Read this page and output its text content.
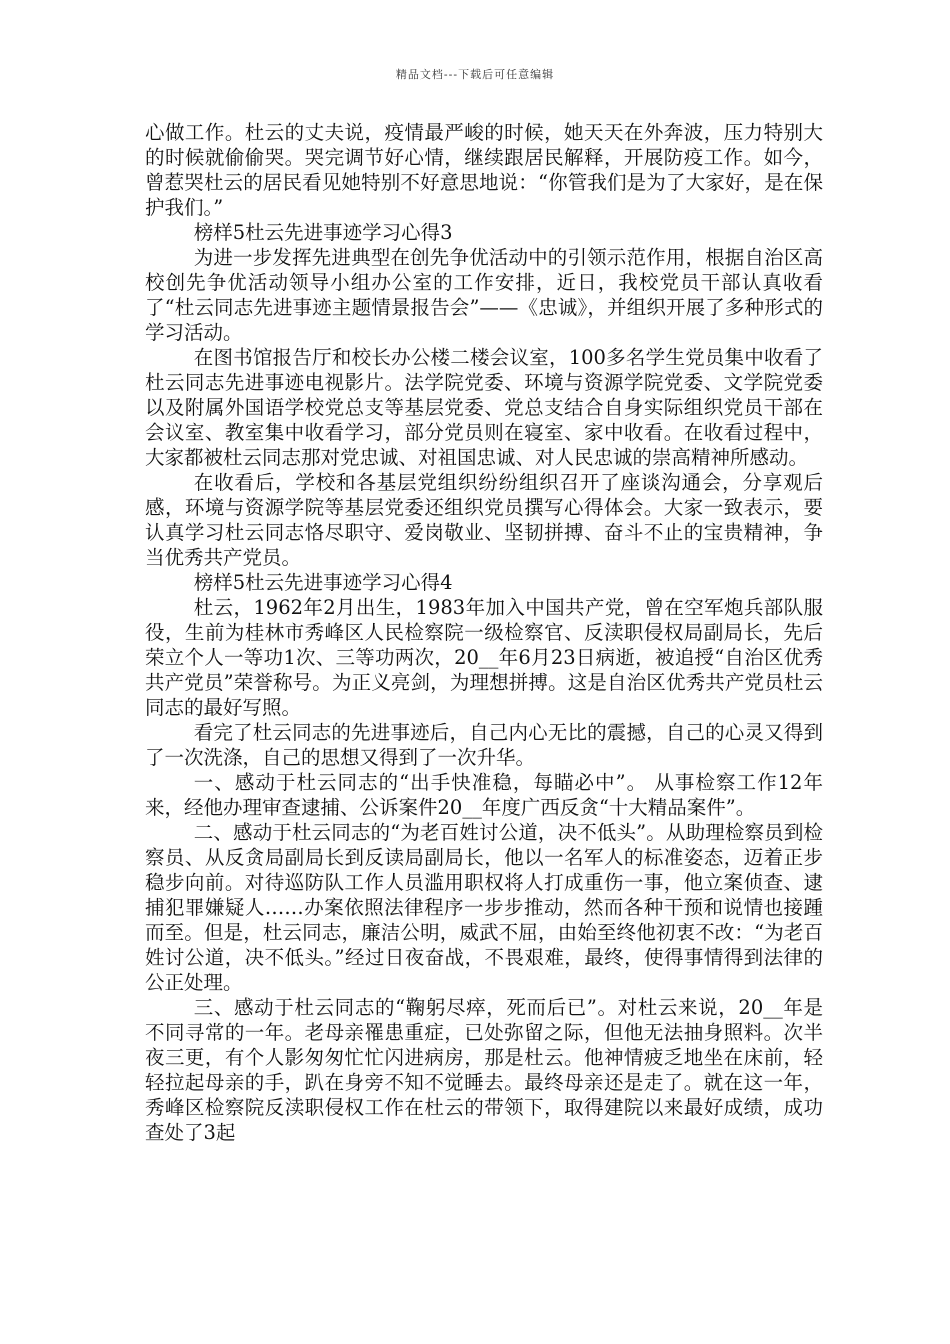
精品文档---下载后可任意编辑

心做工作。杜云的丈夫说，疫情最严峻的时候，她天天在外奔波，压力特别大的时候就偷偷哭。哭完调节好心情，继续跟居民解释，开展防疫工作。如今，曾惹哭杜云的居民看见她特别不好意思地说：“你管我们是为了大家好，是在保护我们。”

榜样5杜云先进事迹学习心得3

为进一步发挥先进典型在创先争优活动中的引领示范作用，根据自治区高校创先争优活动领导小组办公室的工作安排，近日，我校党员干部认真收看了“杜云同志先进事迹主题情景报告会”——《忠诚》，并组织开展了多种形式的学习活动。

在图书馆报告厅和校长办公楼二楼会议室，100多名学生党员集中收看了杜云同志先进事迹电视影片。法学院党委、环境与资源学院党委、文学院党委以及附属外国语学校党总支等基层党委、党总支结合自身实际组织党员干部在会议室、教室集中收看学习，部分党员则在寝室、家中收看。在收看过程中，大家都被杜云同志那对党忠诚、对祖国忠诚、对人民忠诚的崇高精神所感动。

在收看后，学校和各基层党组织纷纷组织召开了座谈沟通会，分享观后感，环境与资源学院等基层党委还组织党员撰写心得体会。大家一致表示，要认真学习杜云同志恪尽职守、爱岗敬业、坚韧拼搏、奋斗不止的宝贵精神，争当优秀共产党员。

榜样5杜云先进事迹学习心得4

杜云，1962年2月出生，1983年加入中国共产党，曾在空军炮兵部队服役，生前为桂林市秀峰区人民检察院一级检察官、反渎职侵权局副局长，先后荣立个人一等功1次、三等功两次，20__年6月23日病逝，被追授“自治区优秀共产党员”荣誉称号。为正义亮剑，为理想拼搏。这是自治区优秀共产党员杜云同志的最好写照。

看完了杜云同志的先进事迹后，自己内心无比的震撼，自己的心灵又得到了一次洗涤，自己的思想又得到了一次升华。

一、感动于杜云同志的“出手快准稳，每瞄必中”。 从事检察工作12年来，经他办理审查逮捕、公诉案件20__年度广西反贪“十大精品案件”。

二、感动于杜云同志的“为老百姓讨公道，决不低头”。从助理检察员到检察员、从反贪局副局长到反读局副局长，他以一名军人的标准姿态，迈着正步稳步向前。对待巡防队工作人员滥用职权将人打成重伤一事，他立案侦查、逮捕犯罪嫌疑人……办案依照法律程序一步步推动，然而各种干预和说情也接踵而至。但是，杜云同志，廉洁公明，威武不屈，由始至终他初衷不改：“为老百姓讨公道，决不低头。”经过日夜奋战，不畏艰难，最终，使得事情得到法律的公正处理。

三、感动于杜云同志的“鞠躬尽瘁，死而后已”。对杜云来说，20__年是不同寻常的一年。老母亲罹患重症，已处弥留之际，但他无法抽身照料。次半夜三更，有个人影匆匆忙忙闪进病房，那是杜云。他神情疲乏地坐在床前，轻轻拉起母亲的手，趴在身旁不知不觉睡去。最终母亲还是走了。就在这一年，秀峰区检察院反渎职侵权工作在杜云的带领下，取得建院以来最好成绩，成功查处了3起
